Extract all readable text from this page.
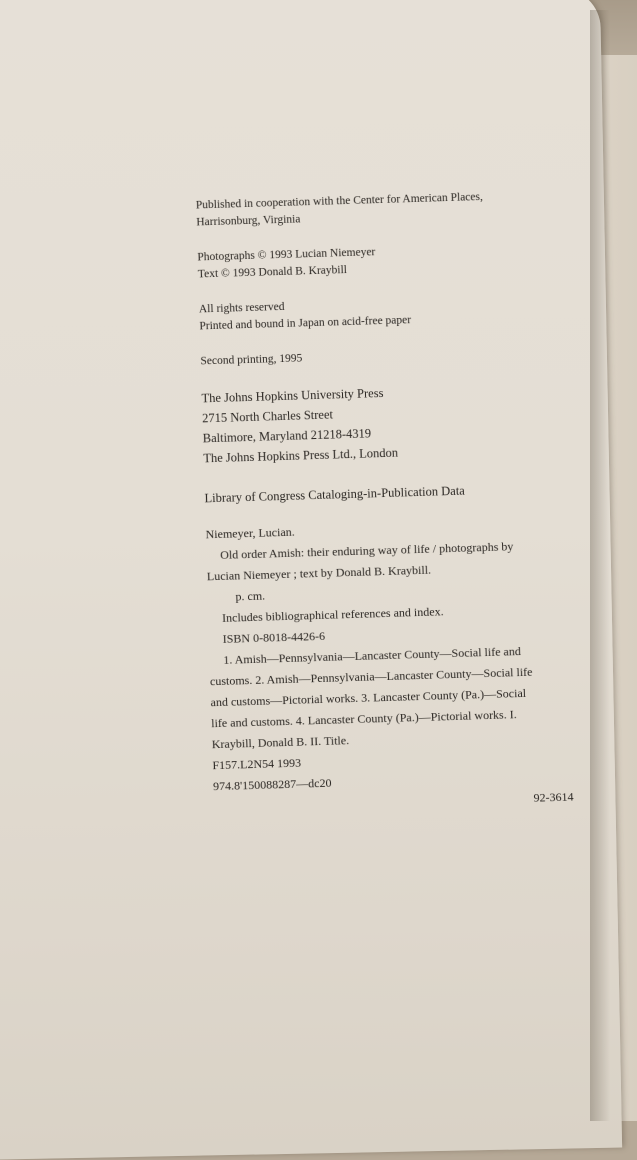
Published in cooperation with the Center for American Places,
Harrisonburg, Virginia
Photographs © 1993 Lucian Niemeyer
Text © 1993 Donald B. Kraybill
All rights reserved
Printed and bound in Japan on acid-free paper
Second printing, 1995
The Johns Hopkins University Press
2715 North Charles Street
Baltimore, Maryland 21218-4319
The Johns Hopkins Press Ltd., London
Library of Congress Cataloging-in-Publication Data
Niemeyer, Lucian.
Old order Amish: their enduring way of life / photographs by
Lucian Niemeyer ; text by Donald B. Kraybill.
p. cm.
Includes bibliographical references and index.
ISBN 0-8018-4426-6
1. Amish—Pennsylvania—Lancaster County—Social life and
customs. 2. Amish—Pennsylvania—Lancaster County—Social life
and customs—Pictorial works. 3. Lancaster County (Pa.)—Social
life and customs. 4. Lancaster County (Pa.)—Pictorial works. I.
Kraybill, Donald B. II. Title.
F157.L2N54 1993
974.8'150088287—dc20
92-3614
